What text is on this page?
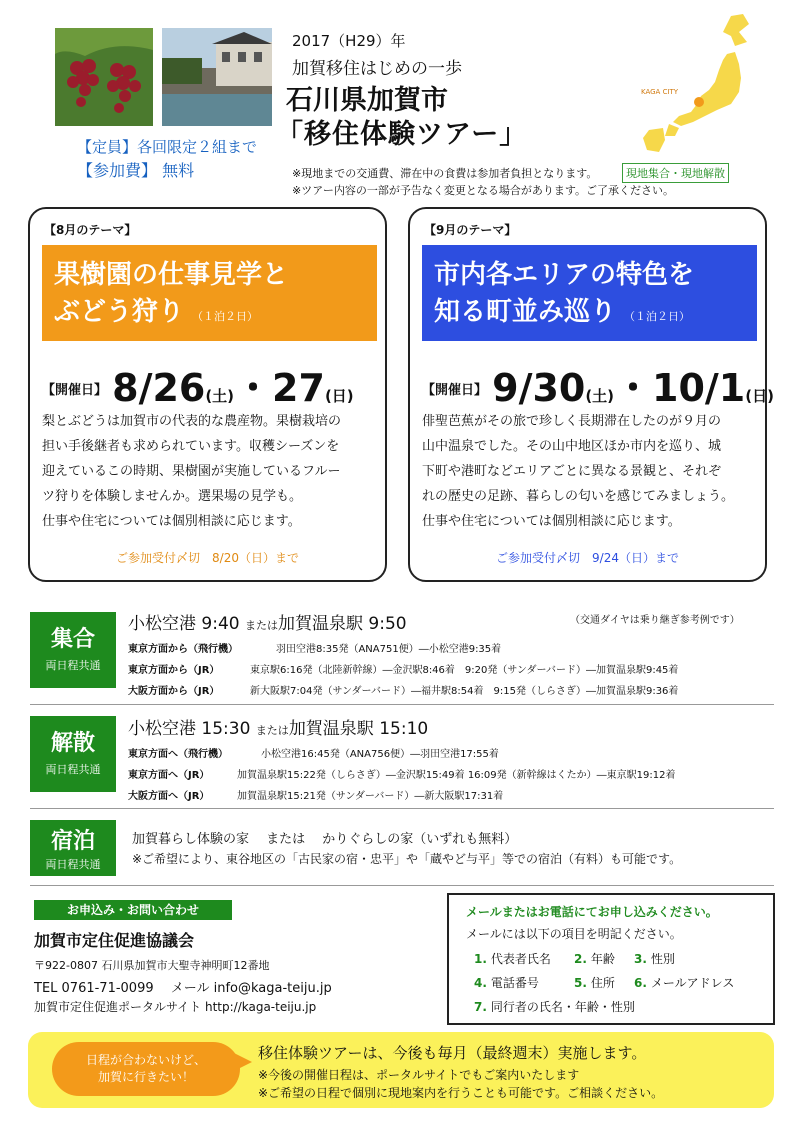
2017（H29）年
加賀移住はじめの一歩
石川県加賀市
「移住体験ツアー」
【定員】各回限定２組まで
【参加費】 無料	※現地までの交通費、滞在中の食費は参加者負担となります。	現地集合・現地解散
※ツアー内容の一部が予告なく変更となる場合があります。ご了承ください。
KAGA CITY
【8月のテーマ】
果樹園の仕事見学と
ぶどう狩り （１泊２日）
$^{【開催日】}$ 8/26(土)・27(日)
梨とぶどうは加賀市の代表的な農産物。果樹栽培の
担い手後継者も求められています。収穫シーズンを
迎えているこの時期、果樹園が実施しているフルー
ツ狩りを体験しませんか。選果場の見学も。
仕事や住宅については個別相談に応じます。
ご参加受付〆切　8/20（日）まで
【9月のテーマ】
市内各エリアの特色を
知る町並み巡り （１泊２日）
$^{【開催日】}$ 9/30(土)・10/1(日)
俳聖芭蕉がその旅で珍しく長期滞在したのが９月の
山中温泉でした。その山中地区ほか市内を巡り、城
下町や港町などエリアごとに異なる景観と、それぞ
れの歴史の足跡、暮らしの匂いを感じてみましょう。
仕事や住宅については個別相談に応じます。
ご参加受付〆切　9/24（日）まで
集合
両日程共通
小松空港 9:40 または加賀温泉駅 9:50	（交通ダイヤは乗り継ぎ参考例です）
東京方面から（飛行機）	羽田空港8:35発（ANA751便）―小松空港9:35着
東京方面から（JR）	東京駅6:16発（北陸新幹線）―金沢駅8:46着　9:20発（サンダーバード）―加賀温泉駅9:45着
大阪方面から（JR）	新大阪駅7:04発（サンダーバード）―福井駅8:54着　9:15発（しらさぎ）―加賀温泉駅9:36着
解散
両日程共通
小松空港 15:30 または加賀温泉駅 15:10
東京方面へ（飛行機）	小松空港16:45発（ANA756便）―羽田空港17:55着
東京方面へ（JR）	加賀温泉駅15:22発（しらさぎ）―金沢駅15:49着 16:09発（新幹線はくたか）―東京駅19:12着
大阪方面へ（JR）	加賀温泉駅15:21発（サンダーバード）―新大阪駅17:31着
宿泊
両日程共通
加賀暮らし体験の家　 または　 かりぐらしの家（いずれも無料）
※ご希望により、東谷地区の「古民家の宿・忠平」や「蔵やど与平」等での宿泊（有料）も可能です。
お申込み・お問い合わせ
加賀市定住促進協議会
〒922-0807 石川県加賀市大聖寺神明町12番地
TEL 0761-71-0099　 メール info@kaga-teiju.jp
加賀市定住促進ポータルサイト http://kaga-teiju.jp
メールまたはお電話にてお申し込みください。
メールには以下の項目を明記ください。
1. 代表者氏名 2. 年齢 3. 性別
4. 電話番号	5. 住所 6. メールアドレス
7. 同行者の氏名・年齢・性別
日程が合わないけど、
加賀に行きたい！
移住体験ツアーは、今後も毎月（最終週末）実施します。
※今後の開催日程は、ポータルサイトでもご案内いたします
※ご希望の日程で個別に現地案内を行うことも可能です。ご相談ください。
